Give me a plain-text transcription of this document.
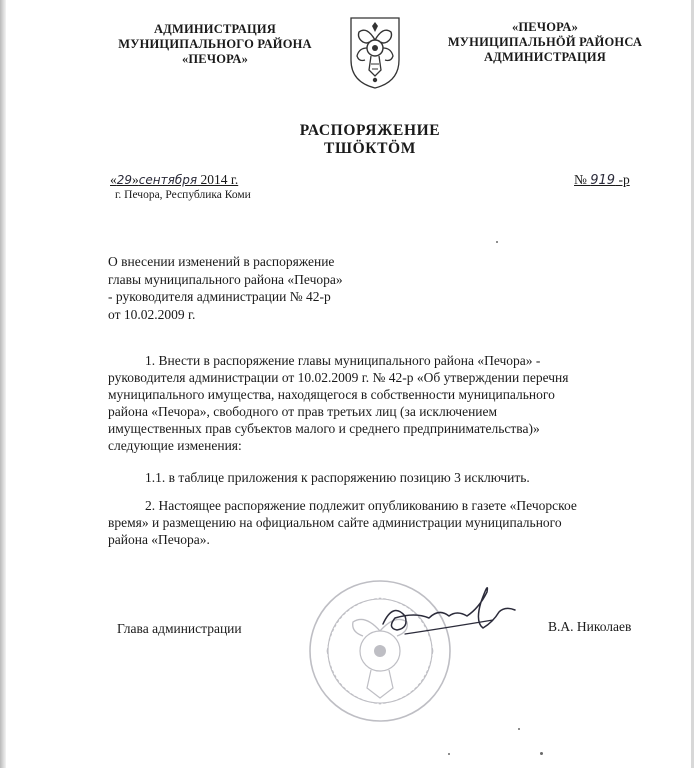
АДМИНИСТРАЦИЯ
МУНИЦИПАЛЬНОГО РАЙОНА
«ПЕЧОРА»
«ПЕЧОРА»
МУНИЦИПАЛЬНӦЙ РАЙОНСА
АДМИНИСТРАЦИЯ
РАСПОРЯЖЕНИЕ
ТШӦКТӦМ
«29»сентября 2014 г.
г. Печора, Республика Коми
№ 919 -р
О внесении изменений в распоряжение
главы муниципального района «Печора»
- руководителя администрации № 42-р
от 10.02.2009 г.
1. Внести в распоряжение главы муниципального района «Печора» -
руководителя администрации от 10.02.2009 г. № 42-р «Об утверждении перечня
муниципального имущества, находящегося в собственности муниципального
района «Печора», свободного от прав третьих лиц (за исключением
имущественных прав субъектов малого и среднего предпринимательства)»
следующие изменения:
1.1. в таблице приложения к распоряжению позицию 3 исключить.
2. Настоящее распоряжение подлежит опубликованию в газете «Печорское
время» и размещению на официальном сайте администрации муниципального
района «Печора».
Глава администрации	В.А. Николаев
